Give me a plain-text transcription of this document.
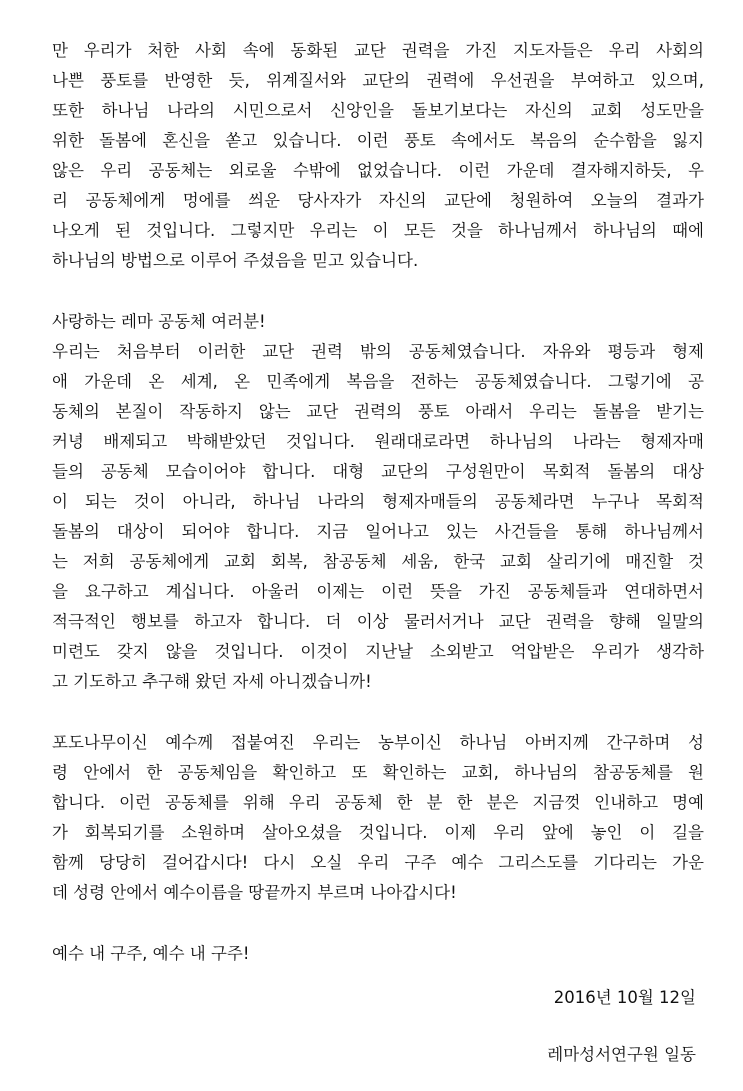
만 우리가 처한 사회 속에 동화된 교단 권력을 가진 지도자들은 우리 사회의
나쁜 풍토를 반영한 듯, 위계질서와 교단의 권력에 우선권을 부여하고 있으며,
또한 하나님 나라의 시민으로서 신앙인을 돌보기보다는 자신의 교회 성도만을
위한 돌봄에 혼신을 쏟고 있습니다. 이런 풍토 속에서도 복음의 순수함을 잃지
않은 우리 공동체는 외로울 수밖에 없었습니다. 이런 가운데 결자해지하듯, 우
리 공동체에게 멍에를 씌운 당사자가 자신의 교단에 청원하여 오늘의 결과가
나오게 된 것입니다. 그렇지만 우리는 이 모든 것을 하나님께서 하나님의 때에
하나님의 방법으로 이루어 주셨음을 믿고 있습니다.
사랑하는 레마 공동체 여러분!
우리는 처음부터 이러한 교단 권력 밖의 공동체였습니다. 자유와 평등과 형제
애 가운데 온 세계, 온 민족에게 복음을 전하는 공동체였습니다. 그렇기에 공
동체의 본질이 작동하지 않는 교단 권력의 풍토 아래서 우리는 돌봄을 받기는
커녕 배제되고 박해받았던 것입니다. 원래대로라면 하나님의 나라는 형제자매
들의 공동체 모습이어야 합니다. 대형 교단의 구성원만이 목회적 돌봄의 대상
이 되는 것이 아니라, 하나님 나라의 형제자매들의 공동체라면 누구나 목회적
돌봄의 대상이 되어야 합니다. 지금 일어나고 있는 사건들을 통해 하나님께서
는 저희 공동체에게 교회 회복, 참공동체 세움, 한국 교회 살리기에 매진할 것
을 요구하고 계십니다. 아울러 이제는 이런 뜻을 가진 공동체들과 연대하면서
적극적인 행보를 하고자 합니다. 더 이상 물러서거나 교단 권력을 향해 일말의
미련도 갖지 않을 것입니다. 이것이 지난날 소외받고 억압받은 우리가 생각하
고 기도하고 추구해 왔던 자세 아니겠습니까!
포도나무이신 예수께 접붙여진 우리는 농부이신 하나님 아버지께 간구하며 성
령 안에서 한 공동체임을 확인하고 또 확인하는 교회, 하나님의 참공동체를 원
합니다. 이런 공동체를 위해 우리 공동체 한 분 한 분은 지금껏 인내하고 명예
가 회복되기를 소원하며 살아오셨을 것입니다. 이제 우리 앞에 놓인 이 길을
함께 당당히 걸어갑시다! 다시 오실 우리 구주 예수 그리스도를 기다리는 가운
데 성령 안에서 예수이름을 땅끝까지 부르며 나아갑시다!
예수 내 구주, 예수 내 구주!
2016년 10월 12일
레마성서연구원 일동
